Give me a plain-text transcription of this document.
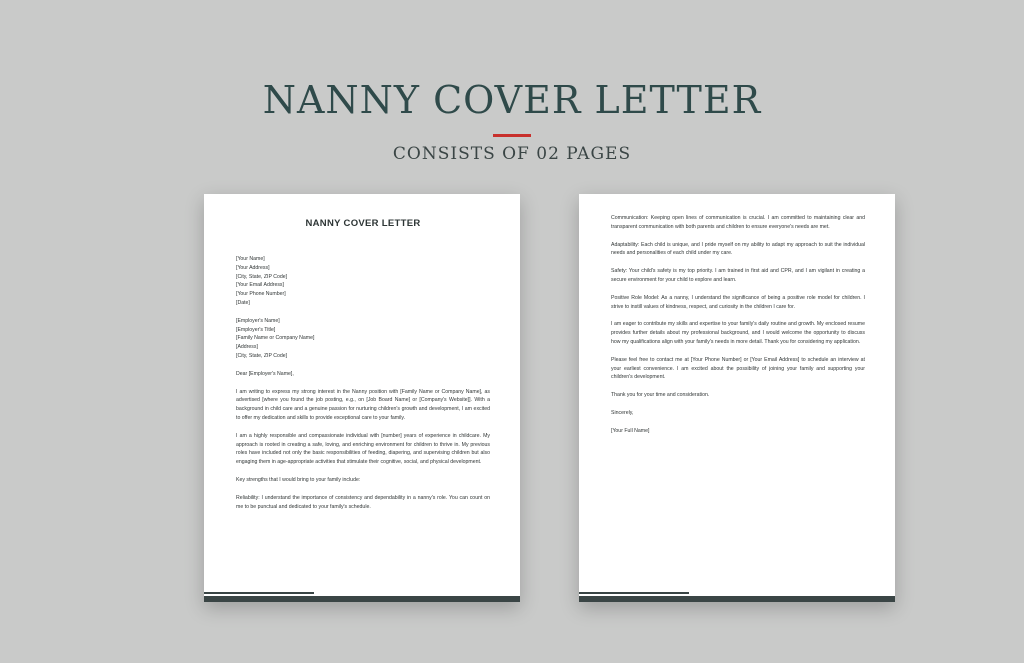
NANNY COVER LETTER
CONSISTS OF 02 PAGES
NANNY COVER LETTER
[Your Name]
[Your Address]
[City, State, ZIP Code]
[Your Email Address]
[Your Phone Number]
[Date]
[Employer's Name]
[Employer's Title]
[Family Name or Company Name]
[Address]
[City, State, ZIP Code]
Dear [Employer's Name],

I am writing to express my strong interest in the Nanny position with [Family Name or Company Name], as advertised [where you found the job posting, e.g., on [Job Board Name] or [Company's Website]]. With a background in child care and a genuine passion for nurturing children's growth and development, I am excited to offer my dedication and skills to provide exceptional care to your family.

I am a highly responsible and compassionate individual with [number] years of experience in childcare. My approach is rooted in creating a safe, loving, and enriching environment for children to thrive in. My previous roles have included not only the basic responsibilities of feeding, diapering, and supervising children but also engaging them in age-appropriate activities that stimulate their cognitive, social, and physical development.

Key strengths that I would bring to your family include:

Reliability: I understand the importance of consistency and dependability in a nanny's role. You can count on me to be punctual and dedicated to your family's schedule.

Communication: Keeping open lines of communication is crucial. I am committed to maintaining clear and transparent communication with both parents and children to ensure everyone's needs are met.

Adaptability: Each child is unique, and I pride myself on my ability to adapt my approach to suit the individual needs and personalities of each child under my care.

Safety: Your child's safety is my top priority. I am trained in first aid and CPR, and I am vigilant in creating a secure environment for your child to explore and learn.

Positive Role Model: As a nanny, I understand the significance of being a positive role model for children. I strive to instill values of kindness, respect, and curiosity in the children I care for.

I am eager to contribute my skills and expertise to your family's daily routine and growth. My enclosed resume provides further details about my professional background, and I would welcome the opportunity to discuss how my qualifications align with your family's needs in more detail. Thank you for considering my application.

Please feel free to contact me at [Your Phone Number] or [Your Email Address] to schedule an interview at your earliest convenience. I am excited about the possibility of joining your family and supporting your children's development.

Thank you for your time and consideration.

Sincerely,

[Your Full Name]
